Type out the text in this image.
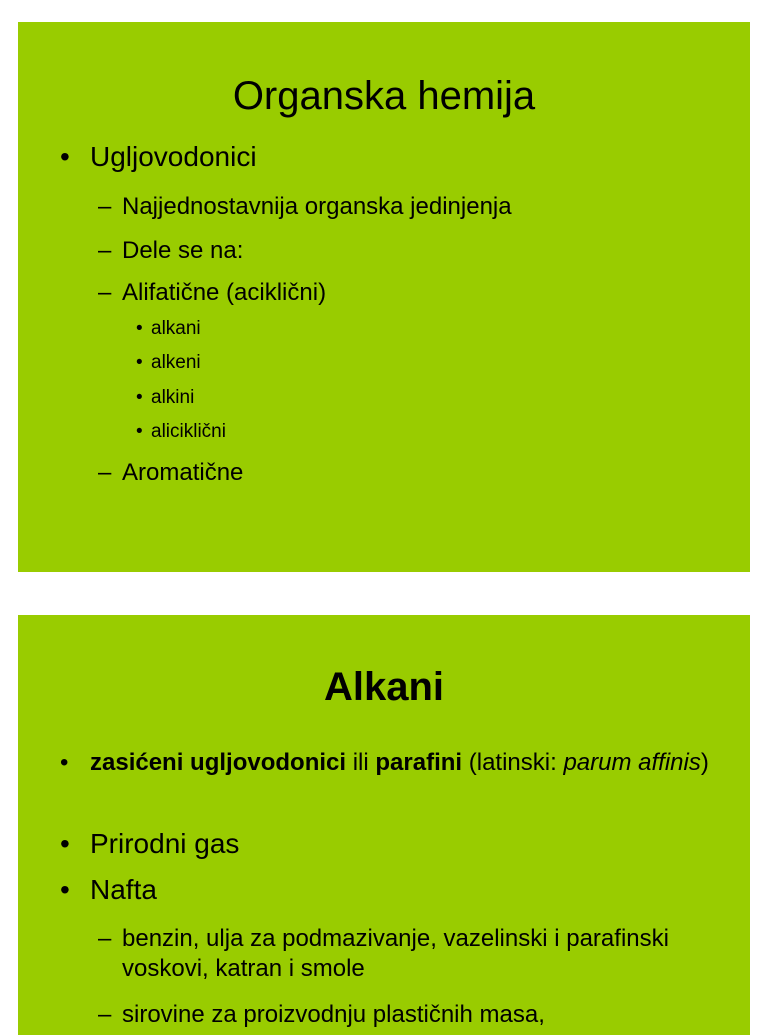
Organska hemija

• Ugljovodonici

– Najjednostavnija organska jedinjenja

– Dele se na:

– Alifatične (aciklični)

• alkani

• alkeni

• alkini

• aliciklični

– Aromatične

Alkani

• zasićeni ugljovodonici ili parafini (latinski: parum affinis)

• Prirodni gas

• Nafta

– benzin, ulja za podmazivanje, vazelinski i parafinski voskovi, katran i smole

– sirovine za proizvodnju plastičnih masa,
